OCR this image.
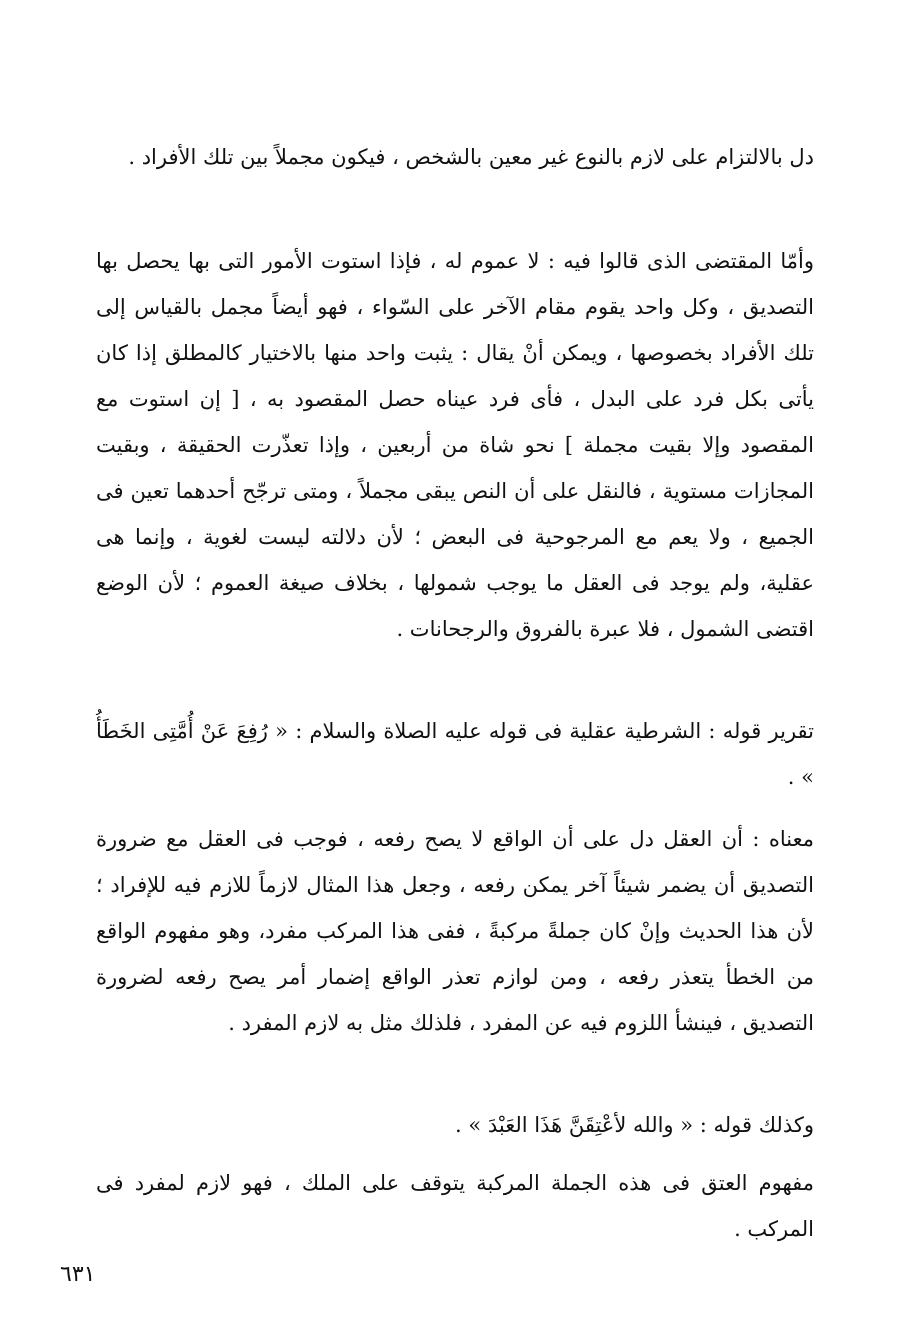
دل بالالتزام على لازم بالنوع غير معين بالشخص ، فيكون مجملاً بين تلك الأفراد .

وأمّا المقتضى الذى قالوا فيه : لا عموم له ، فإذا استوت الأمور التى بها يحصل بها التصديق ، وكل واحد يقوم مقام الآخر على السّواء ، فهو أيضاً مجمل بالقياس إلى تلك الأفراد بخصوصها ، ويمكن أنْ يقال : يثبت واحد منها بالاختيار كالمطلق إذا كان يأتى بكل فرد على البدل ، فأى فرد عيناه حصل المقصود به ، [ إن استوت مع المقصود وإلا بقيت مجملة ] نحو شاة من أربعين ، وإذا تعذّرت الحقيقة ، وبقيت المجازات مستوية ، فالنقل على أن النص يبقى مجملاً ، ومتى ترجّح أحدهما تعين فى الجميع ، ولا يعم مع المرجوحية فى البعض ؛ لأن دلالته ليست لغوية ، وإنما هى عقلية، ولم يوجد فى العقل ما يوجب شمولها ، بخلاف صيغة العموم ؛ لأن الوضع اقتضى الشمول ، فلا عبرة بالفروق والرجحانات .

تقرير قوله : الشرطية عقلية فى قوله عليه الصلاة والسلام : « رُفِعَ عَنْ أُمَّتِى الخَطَأُ » .

معناه : أن العقل دل على أن الواقع لا يصح رفعه ، فوجب فى العقل مع ضرورة التصديق أن يضمر شيئاً آخر يمكن رفعه ، وجعل هذا المثال لازماً للازم فيه للإفراد ؛ لأن هذا الحديث وإنْ كان جملةً مركبةً ، ففى هذا المركب مفرد، وهو مفهوم الواقع من الخطأ يتعذر رفعه ، ومن لوازم تعذر الواقع إضمار أمر يصح رفعه لضرورة التصديق ، فينشأ اللزوم فيه عن المفرد ، فلذلك مثل به لازم المفرد .

وكذلك قوله : « والله لأعْتِقَنَّ هَذَا العَبْدَ » .

مفهوم العتق فى هذه الجملة المركبة يتوقف على الملك ، فهو لازم لمفرد فى المركب .

٦٣١
